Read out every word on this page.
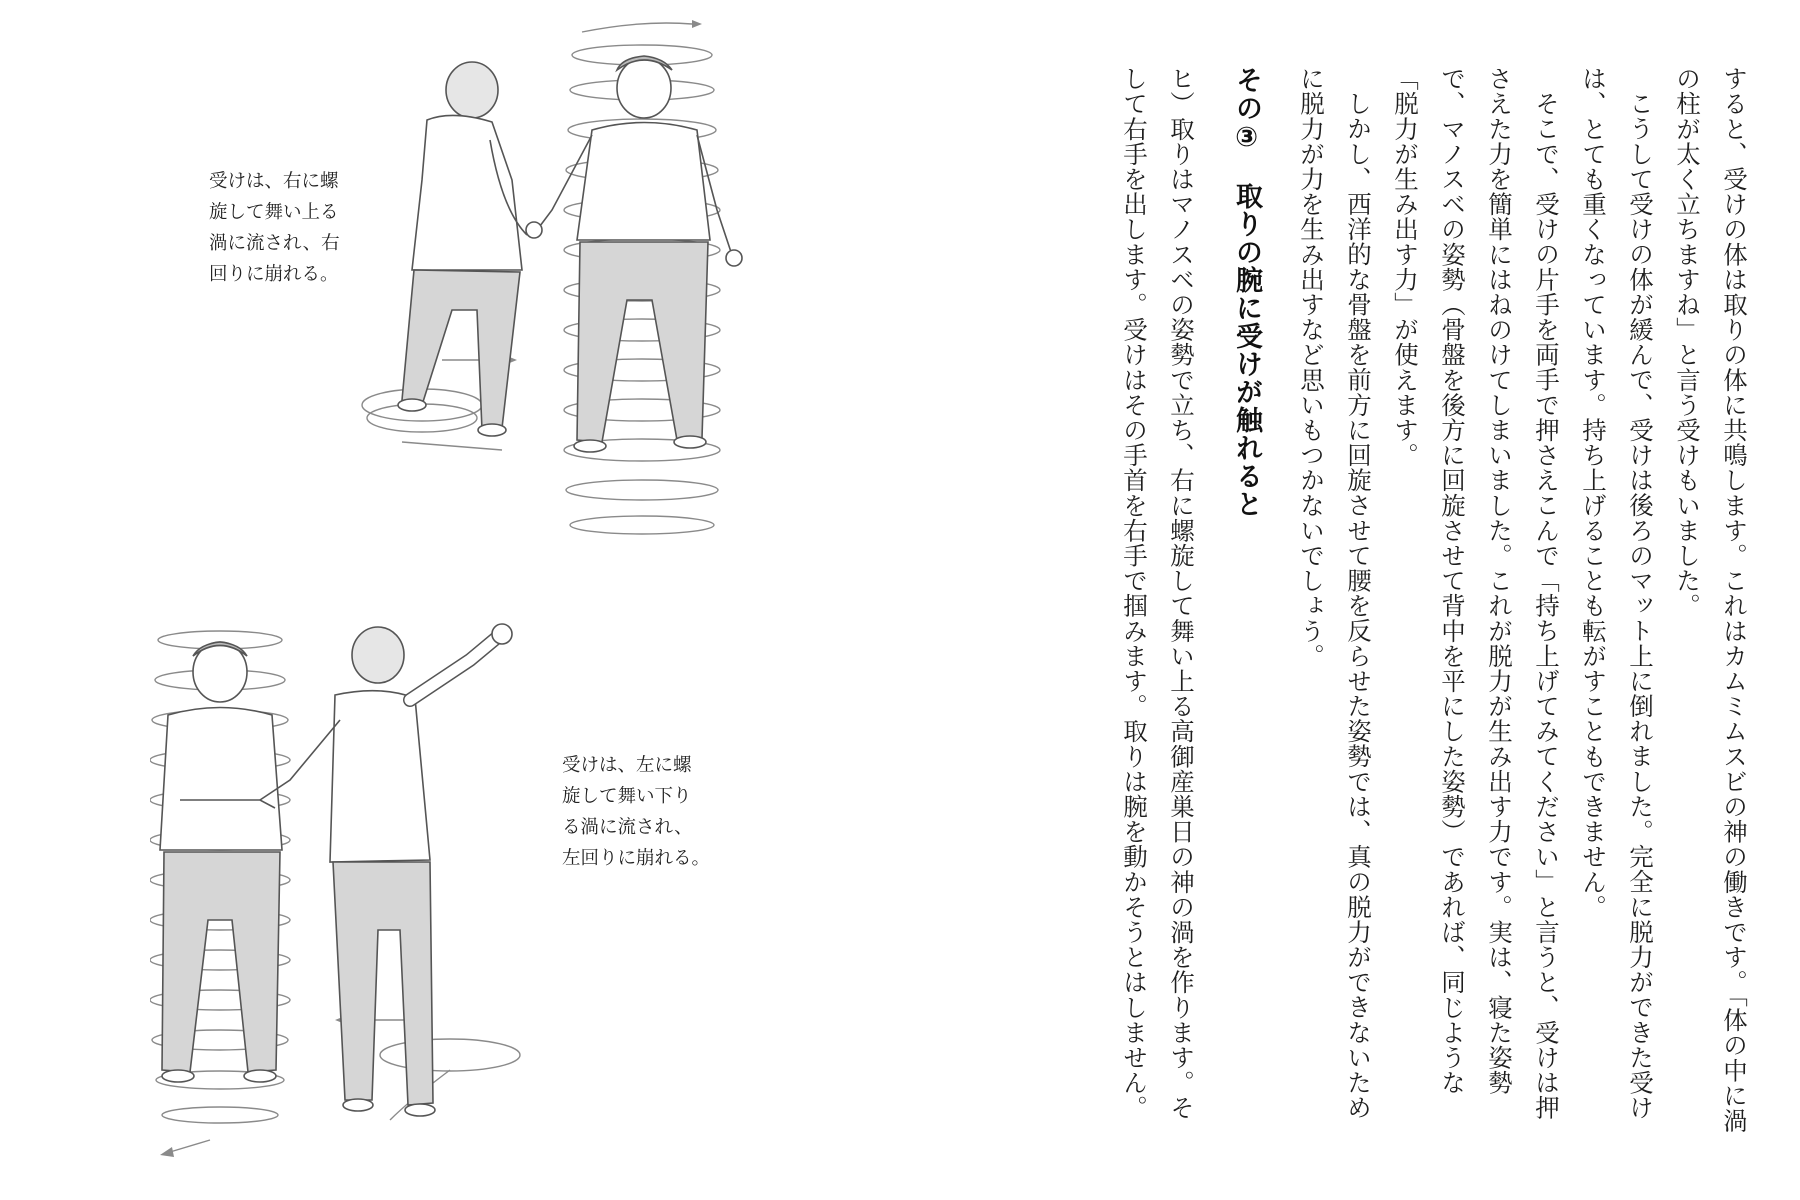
受けは、右に螺
旋して舞い上る
渦に流され、右
回りに崩れる。

受けは、左に螺
旋して舞い下り
る渦に流され、
左回りに崩れる。	すると、受けの体は取りの体に共鳴します。これはカムミムスビの神の働きです。「体の中に渦の柱が太く立ちますね」と言う受けもいました。

こうして受けの体が緩んで、受けは後ろのマット上に倒れました。完全に脱力ができた受けは、とても重くなっています。持ち上げることも転がすこともできません。

そこで、受けの片手を両手で押さえこんで「持ち上げてみてください」と言うと、受けは押さえた力を簡単にはねのけてしまいました。これが脱力が生み出す力です。実は、寝た姿勢で、マノスベの姿勢（骨盤を後方に回旋させて背中を平にした姿勢）であれば、同じような「脱力が生み出す力」が使えます。

しかし、西洋的な骨盤を前方に回旋させて腰を反らせた姿勢では、真の脱力ができないために脱力が力を生み出すなど思いもつかないでしょう。

その③　取りの腕に受けが触れると

ヒ）取りはマノスベの姿勢で立ち、右に螺旋して舞い上る高御産巣日の神の渦を作ります。そして右手を出します。受けはその手首を右手で掴みます。取りは腕を動かそうとはしません。
